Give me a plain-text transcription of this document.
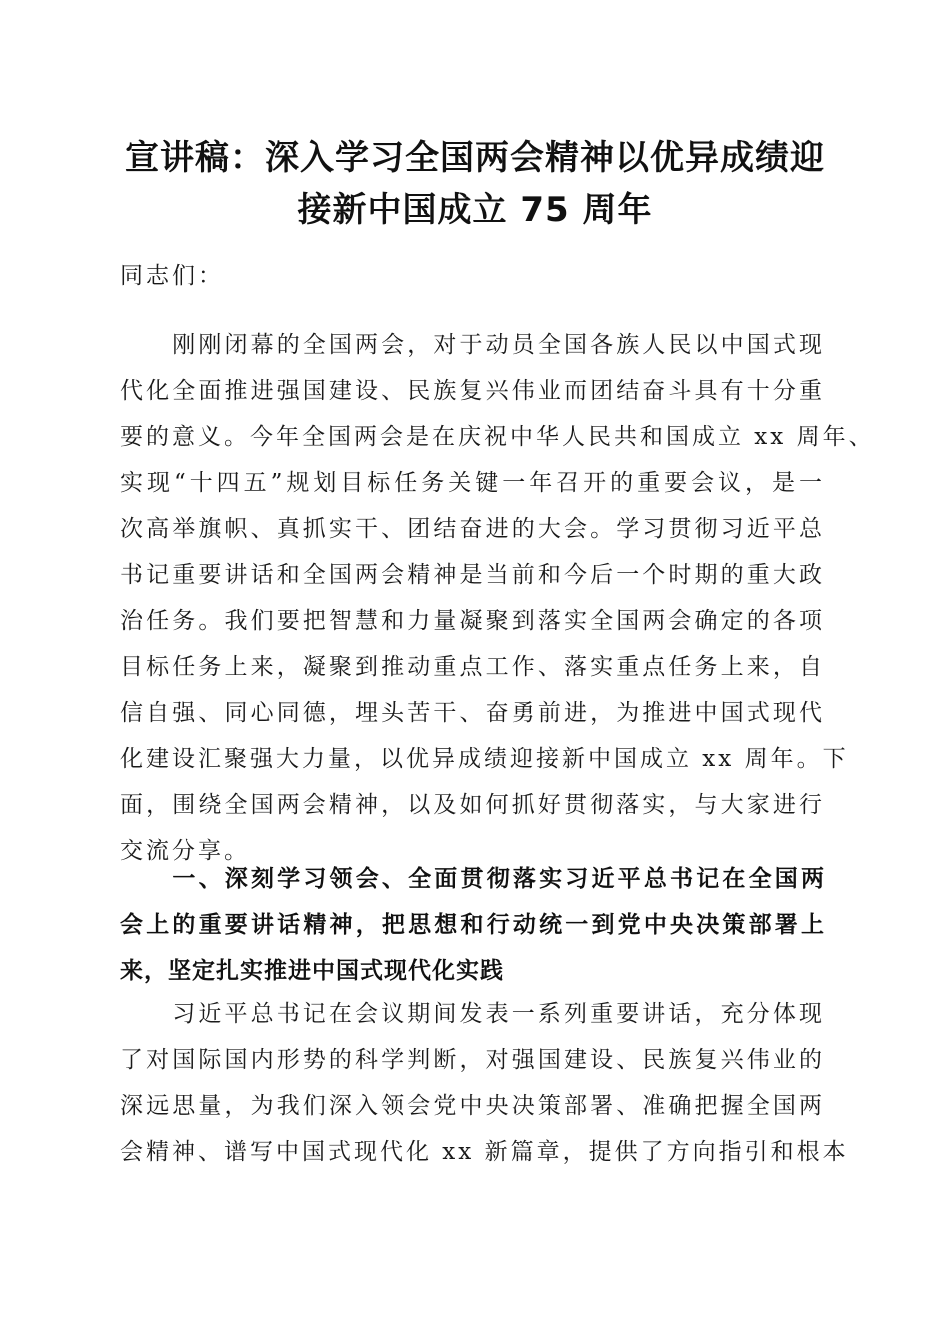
宣讲稿：深入学习全国两会精神以优异成绩迎
接新中国成立 75 周年
同志们：
　　刚刚闭幕的全国两会，对于动员全国各族人民以中国式现
代化全面推进强国建设、民族复兴伟业而团结奋斗具有十分重
要的意义。今年全国两会是在庆祝中华人民共和国成立 xx 周年、
实现“十四五”规划目标任务关键一年召开的重要会议，是一
次高举旗帜、真抓实干、团结奋进的大会。学习贯彻习近平总
书记重要讲话和全国两会精神是当前和今后一个时期的重大政
治任务。我们要把智慧和力量凝聚到落实全国两会确定的各项
目标任务上来，凝聚到推动重点工作、落实重点任务上来，自
信自强、同心同德，埋头苦干、奋勇前进，为推进中国式现代
化建设汇聚强大力量，以优异成绩迎接新中国成立 xx 周年。下
面，围绕全国两会精神，以及如何抓好贯彻落实，与大家进行
交流分享。
　　一、深刻学习领会、全面贯彻落实习近平总书记在全国两
会上的重要讲话精神，把思想和行动统一到党中央决策部署上
来，坚定扎实推进中国式现代化实践
　　习近平总书记在会议期间发表一系列重要讲话，充分体现
了对国际国内形势的科学判断，对强国建设、民族复兴伟业的
深远思量，为我们深入领会党中央决策部署、准确把握全国两
会精神、谱写中国式现代化 xx 新篇章，提供了方向指引和根本
